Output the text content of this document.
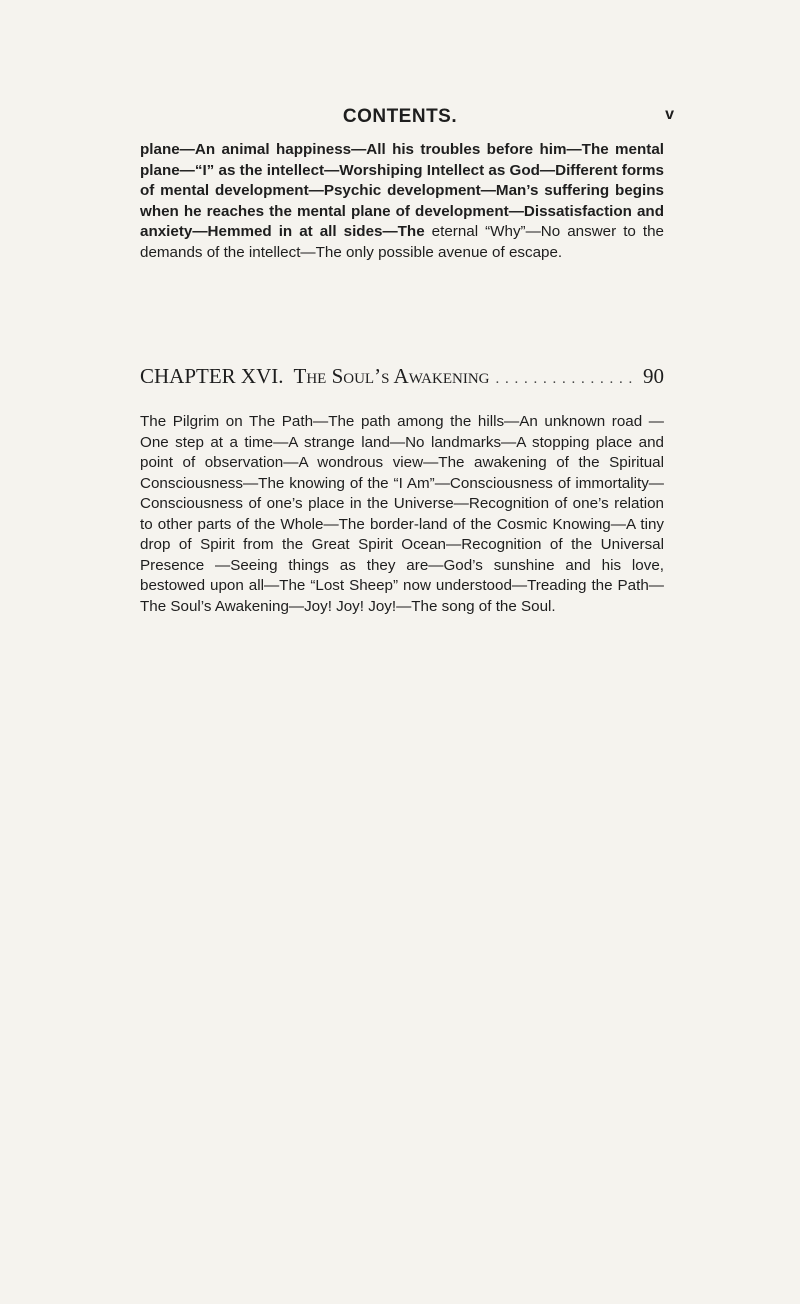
CONTENTS.	v

plane—An animal happiness—All his troubles before him—The mental plane—“I” as the intellect—Worshiping Intellect as God—Different forms of mental development—Psychic development—Man’s suffering begins when he reaches the mental plane of development—Dissatisfaction and anxiety—Hemmed in at all sides—The eternal “Why”—No answer to the demands of the intellect—The only possible avenue of escape.

CHAPTER XVI. The Soul’s Awakening
. . .	90

The Pilgrim on The Path—The path among the hills—An unknown road —One step at a time—A strange land—No landmarks—A stopping place and point of observation—A wondrous view—The awakening of the Spiritual Consciousness—The knowing of the “I Am”—Consciousness of immortality—Consciousness of one’s place in the Universe—Recognition of one’s relation to other parts of the Whole—The border-land of the Cosmic Knowing—A tiny drop of Spirit from the Great Spirit Ocean—Recognition of the Universal Presence —Seeing things as they are—God’s sunshine and his love, bestowed upon all—The “Lost Sheep” now understood—Treading the Path—The Soul’s Awakening—Joy! Joy! Joy!—The song of the Soul.
